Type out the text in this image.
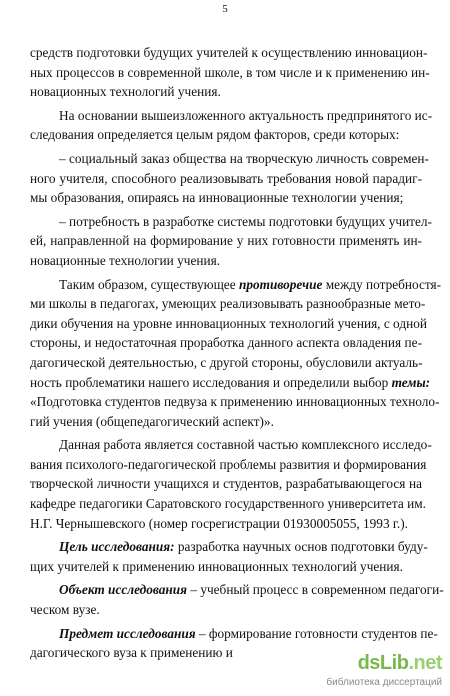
5
средств подготовки будущих учителей к осуществлению инновацион-
ных процессов в современной школе, в том числе и к применению ин-
новационных технологий учения.
На основании вышеизложенного актуальность предпринятого ис-
следования определяется целым рядом факторов, среди которых:
– социальный заказ общества на творческую личность современ-
ного учителя, способного реализовывать требования новой парадиг-
мы образования, опираясь на инновационные технологии учения;
– потребность в разработке системы подготовки будущих учител-
ей, направленной на формирование у них готовности применять ин-
новационные технологии учения.
Таким образом, существующее противоречие между потребностя-
ми школы в педагогах, умеющих реализовывать разнообразные мето-
дики обучения на уровне инновационных технологий учения, с одной
стороны, и недостаточная проработка данного аспекта овладения пе-
дагогической деятельностью, с другой стороны, обусловили актуаль-
ность проблематики нашего исследования и определили выбор темы:
«Подготовка студентов педвуза к применению инновационных техноло-
гий учения (общепедагогический аспект)».
Данная работа является составной частью комплексного исследо-
вания психолого-педагогической проблемы развития и формирования
творческой личности учащихся и студентов, разрабатывающегося на
кафедре педагогики Саратовского государственного университета им.
Н.Г. Чернышевского (номер госрегистрации 01930005055, 1993 г.).
Цель исследования: разработка научных основ подготовки буду-
щих учителей к применению инновационных технологий учения.
Объект исследования – учебный процесс в современном педагоги-
ческом вузе.
Предмет исследования – формирование готовности студентов пе-
дагогического вуза к применению и	dsLib.net
библиотека диссертаций
